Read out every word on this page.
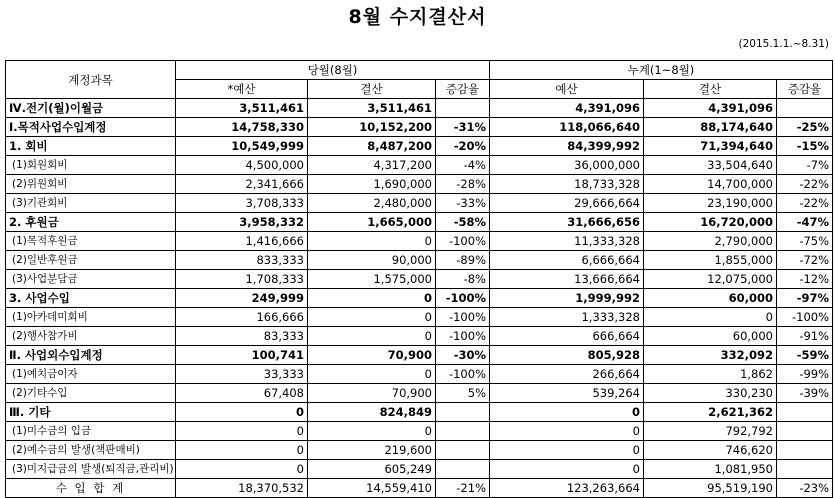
8월 수지결산서
(2015.1.1.~8.31)
계정과목	당월(8월)			누계(1~8월)		
	*예산	결산	증감율	예산	결산	증감율
Ⅳ.전기(월)이월금	3,511,461	3,511,461		4,391,096	4,391,096	
Ⅰ.목적사업수입계정	14,758,330	10,152,200	-31%	118,066,640	88,174,640	-25%
1. 회비	10,549,999	8,487,200	-20%	84,399,992	71,394,640	-15%
(1)회원회비	4,500,000	4,317,200	-4%	36,000,000	33,504,640	-7%
(2)위원회비	2,341,666	1,690,000	-28%	18,733,328	14,700,000	-22%
(3)기관회비	3,708,333	2,480,000	-33%	29,666,664	23,190,000	-22%
2. 후원금	3,958,332	1,665,000	-58%	31,666,656	16,720,000	-47%
(1)목적후원금	1,416,666	0	-100%	11,333,328	2,790,000	-75%
(2)일반후원금	833,333	90,000	-89%	6,666,664	1,855,000	-72%
(3)사업분담금	1,708,333	1,575,000	-8%	13,666,664	12,075,000	-12%
3. 사업수입	249,999	0	-100%	1,999,992	60,000	-97%
(1)아카데미회비	166,666	0	-100%	1,333,328	0	-100%
(2)행사참가비	83,333	0	-100%	666,664	60,000	-91%
Ⅱ. 사업외수입계정	100,741	70,900	-30%	805,928	332,092	-59%
(1)예치금이자	33,333	0	-100%	266,664	1,862	-99%
(2)기타수입	67,408	70,900	5%	539,264	330,230	-39%
Ⅲ. 기타	0	824,849		0	2,621,362	
(1)미수금의 입금	0	0		0	792,792	
(2)예수금의 발생(책판매비)	0	219,600		0	746,620	
(3)미지급금의 발생(퇴직금,관리비)	0	605,249		0	1,081,950	
수 입 합 계	18,370,532	14,559,410	-21%	123,263,664	95,519,190	-23%
